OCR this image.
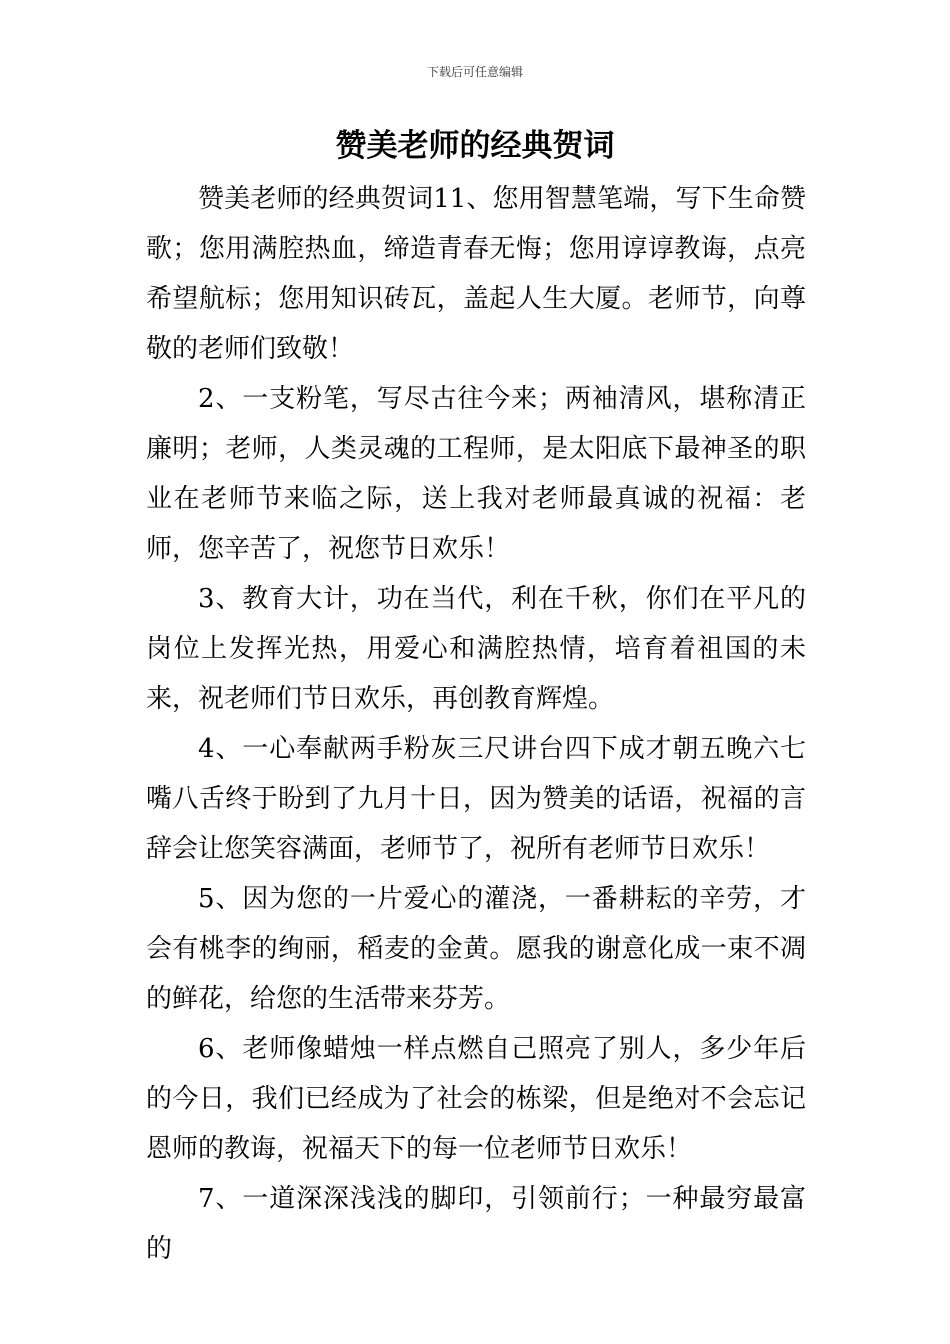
下载后可任意编辑
赞美老师的经典贺词

赞美老师的经典贺词11、您用智慧笔端，写下生命赞歌；您用满腔热血，缔造青春无悔；您用谆谆教诲，点亮希望航标；您用知识砖瓦，盖起人生大厦。老师节，向尊敬的老师们致敬！

2、一支粉笔，写尽古往今来；两袖清风，堪称清正廉明；老师，人类灵魂的工程师，是太阳底下最神圣的职业在老师节来临之际，送上我对老师最真诚的祝福：老师，您辛苦了，祝您节日欢乐！

3、教育大计，功在当代，利在千秋，你们在平凡的岗位上发挥光热，用爱心和满腔热情，培育着祖国的未来，祝老师们节日欢乐，再创教育辉煌。

4、一心奉献两手粉灰三尺讲台四下成才朝五晚六七嘴八舌终于盼到了九月十日，因为赞美的话语，祝福的言辞会让您笑容满面，老师节了，祝所有老师节日欢乐！

5、因为您的一片爱心的灌浇，一番耕耘的辛劳，才会有桃李的绚丽，稻麦的金黄。愿我的谢意化成一束不凋的鲜花，给您的生活带来芬芳。

6、老师像蜡烛一样点燃自己照亮了别人，多少年后的今日，我们已经成为了社会的栋梁，但是绝对不会忘记恩师的教诲，祝福天下的每一位老师节日欢乐！

7、一道深深浅浅的脚印，引领前行；一种最穷最富的
